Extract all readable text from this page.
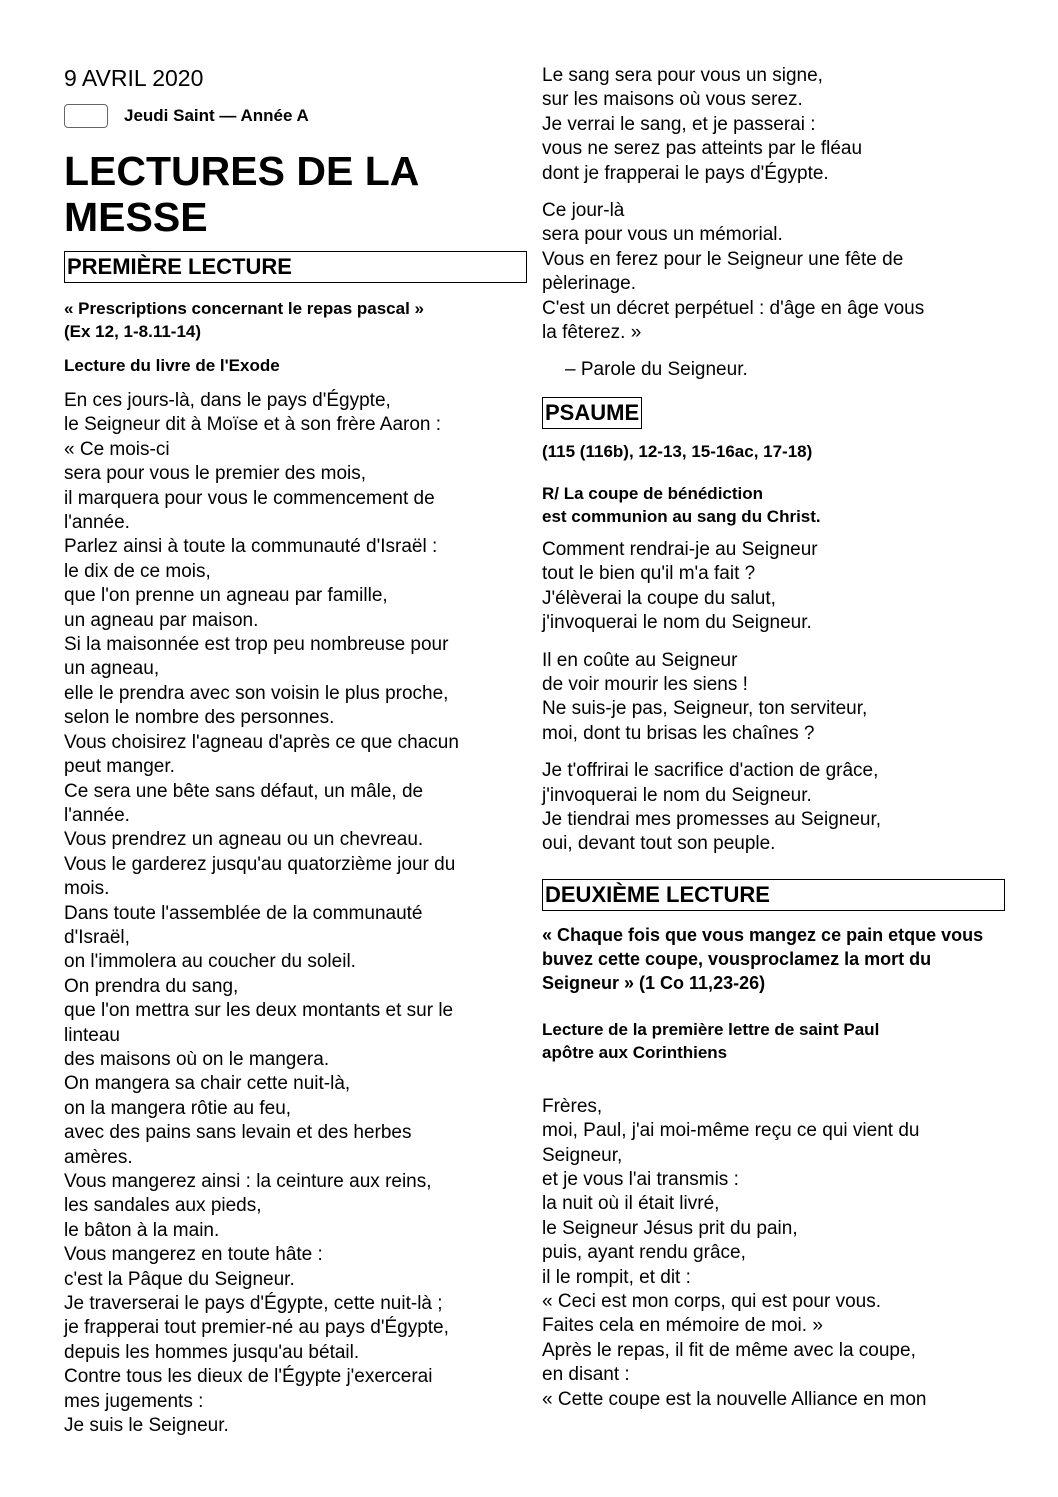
9 AVRIL 2020

Jeudi Saint — Année A
LECTURES DE LA
MESSE
PREMIÈRE LECTURE

« Prescriptions concernant le repas pascal »

(Ex 12, 1-8.11-14)

Lecture du livre de l'Exode

En ces jours-là, dans le pays d'Égypte,
le Seigneur dit à Moïse et à son frère Aaron :
« Ce mois-ci
sera pour vous le premier des mois,
il marquera pour vous le commencement de
l'année.
Parlez ainsi à toute la communauté d'Israël :
le dix de ce mois,
que l'on prenne un agneau par famille,
un agneau par maison.
Si la maisonnée est trop peu nombreuse pour
un agneau,
elle le prendra avec son voisin le plus proche,
selon le nombre des personnes.
Vous choisirez l'agneau d'après ce que chacun
peut manger.
Ce sera une bête sans défaut, un mâle, de
l'année.
Vous prendrez un agneau ou un chevreau.
Vous le garderez jusqu'au quatorzième jour du
mois.
Dans toute l'assemblée de la communauté
d'Israël,
on l'immolera au coucher du soleil.
On prendra du sang,
que l'on mettra sur les deux montants et sur le
linteau
des maisons où on le mangera.
On mangera sa chair cette nuit-là,
on la mangera rôtie au feu,
avec des pains sans levain et des herbes
amères.
Vous mangerez ainsi : la ceinture aux reins,
les sandales aux pieds,
le bâton à la main.
Vous mangerez en toute hâte :
c'est la Pâque du Seigneur.
Je traverserai le pays d'Égypte, cette nuit-là ;
je frapperai tout premier-né au pays d'Égypte,
depuis les hommes jusqu'au bétail.
Contre tous les dieux de l'Égypte j'exercerai
mes jugements :
Je suis le Seigneur.
Le sang sera pour vous un signe,
sur les maisons où vous serez.
Je verrai le sang, et je passerai :
vous ne serez pas atteints par le fléau
dont je frapperai le pays d'Égypte.
Ce jour-là
sera pour vous un mémorial.
Vous en ferez pour le Seigneur une fête de
pèlerinage.
C'est un décret perpétuel : d'âge en âge vous
la fêterez. »

– Parole du Seigneur.

PSAUME

(115 (116b), 12-13, 15-16ac, 17-18)

R/ La coupe de bénédiction

est communion au sang du Christ.

Comment rendrai-je au Seigneur
tout le bien qu'il m'a fait ?
J'élèverai la coupe du salut,
j'invoquerai le nom du Seigneur.
Il en coûte au Seigneur
de voir mourir les siens !
Ne suis-je pas, Seigneur, ton serviteur,
moi, dont tu brisas les chaînes ?
Je t'offrirai le sacrifice d'action de grâce,
j'invoquerai le nom du Seigneur.
Je tiendrai mes promesses au Seigneur,
oui, devant tout son peuple.
DEUXIÈME LECTURE
« Chaque fois que vous mangez ce pain etque vous buvez cette coupe, vousproclamez la mort du Seigneur » (1 Co 11,23-26)

Lecture de la première lettre de saint Paul

apôtre aux Corinthiens

Frères,
moi, Paul, j'ai moi-même reçu ce qui vient du
Seigneur,
et je vous l'ai transmis :
la nuit où il était livré,
le Seigneur Jésus prit du pain,
puis, ayant rendu grâce,
il le rompit, et dit :
« Ceci est mon corps, qui est pour vous.
Faites cela en mémoire de moi. »
Après le repas, il fit de même avec la coupe,
en disant :
« Cette coupe est la nouvelle Alliance en mon
